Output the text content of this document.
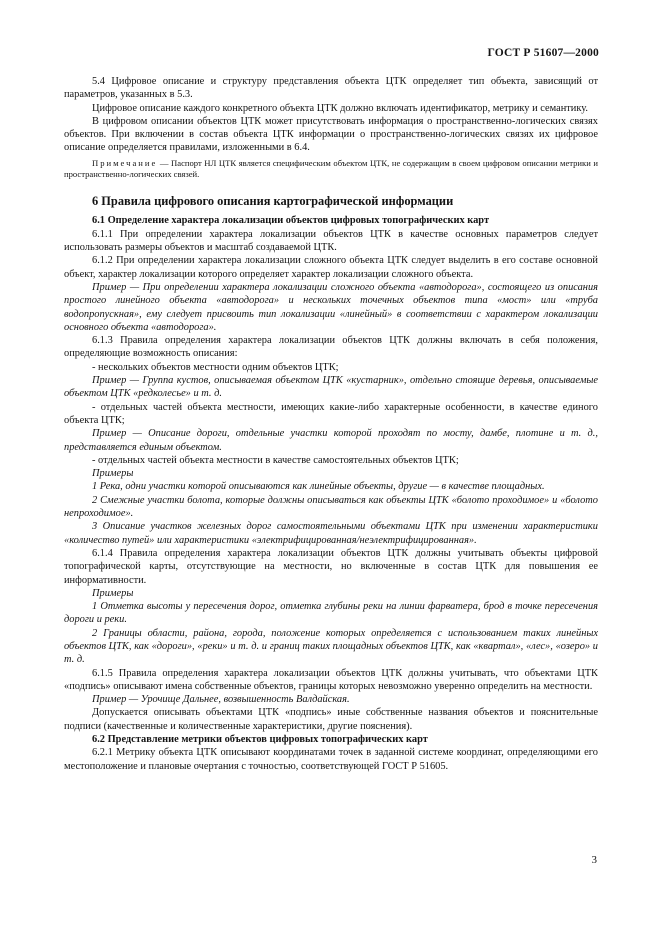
ГОСТ Р 51607—2000

5.4 Цифровое описание и структуру представления объекта ЦТК определяет тип объекта, зависящий от параметров, указанных в 5.3.

Цифровое описание каждого конкретного объекта ЦТК должно включать идентификатор, метрику и семантику.

В цифровом описании объектов ЦТК может присутствовать информация о пространственно-логических связях объектов. При включении в состав объекта ЦТК информации о пространственно-логических связях их цифровое описание определяется правилами, изложенными в 6.4.

Примечание — Паспорт НЛ ЦТК является специфическим объектом ЦТК, не содержащим в своем цифровом описании метрики и пространственно-логических связей.

6 Правила цифрового описания картографической информации

6.1 Определение характера локализации объектов цифровых топографических карт

6.1.1 При определении характера локализации объектов ЦТК в качестве основных параметров следует использовать размеры объектов и масштаб создаваемой ЦТК.

6.1.2 При определении характера локализации сложного объекта ЦТК следует выделить в его составе основной объект, характер локализации которого определяет характер локализации сложного объекта.

Пример — При определении характера локализации сложного объекта «автодорога», состоящего из описания простого линейного объекта «автодорога» и нескольких точечных объектов типа «мост» или «труба водопропускная», ему следует присвоить тип локализации «линейный» в соответствии с характером локализации основного объекта «автодорога».

6.1.3 Правила определения характера локализации объектов ЦТК должны включать в себя положения, определяющие возможность описания:

- нескольких объектов местности одним объектов ЦТК;

Пример — Группа кустов, описываемая объектом ЦТК «кустарник», отдельно стоящие деревья, описываемые объектом ЦТК «редколесье» и т. д.

- отдельных частей объекта местности, имеющих какие-либо характерные особенности, в качестве единого объекта ЦТК;

Пример — Описание дороги, отдельные участки которой проходят по мосту, дамбе, плотине и т. д., представляется единым объектом.

- отдельных частей объекта местности в качестве самостоятельных объектов ЦТК;

Примеры

1 Река, одни участки которой описываются как линейные объекты, другие — в качестве площадных.

2 Смежные участки болота, которые должны описываться как объекты ЦТК «болото проходимое» и «болото непроходимое».

3 Описание участков железных дорог самостоятельными объектами ЦТК при изменении характеристики «количество путей» или характеристики «электрифицированная/неэлектрифицированная».

6.1.4 Правила определения характера локализации объектов ЦТК должны учитывать объекты цифровой топографической карты, отсутствующие на местности, но включенные в состав ЦТК для повышения ее информативности.

Примеры

1 Отметка высоты у пересечения дорог, отметка глубины реки на линии фарватера, брод в точке пересечения дороги и реки.

2 Границы области, района, города, положение которых определяется с использованием таких линейных объектов ЦТК, как «дороги», «реки» и т. д. и границ таких площадных объектов ЦТК, как «квартал», «лес», «озеро» и т. д.

6.1.5 Правила определения характера локализации объектов ЦТК должны учитывать, что объектами ЦТК «подпись» описывают имена собственные объектов, границы которых невозможно уверенно определить на местности.

Пример — Урочище Дальнее, возвышенность Валдайская.

Допускается описывать объектами ЦТК «подпись» иные собственные названия объектов и пояснительные подписи (качественные и количественные характеристики, другие пояснения).

6.2 Представление метрики объектов цифровых топографических карт

6.2.1 Метрику объекта ЦТК описывают координатами точек в заданной системе координат, определяющими его местоположение и плановые очертания с точностью, соответствующей ГОСТ Р 51605.

3
